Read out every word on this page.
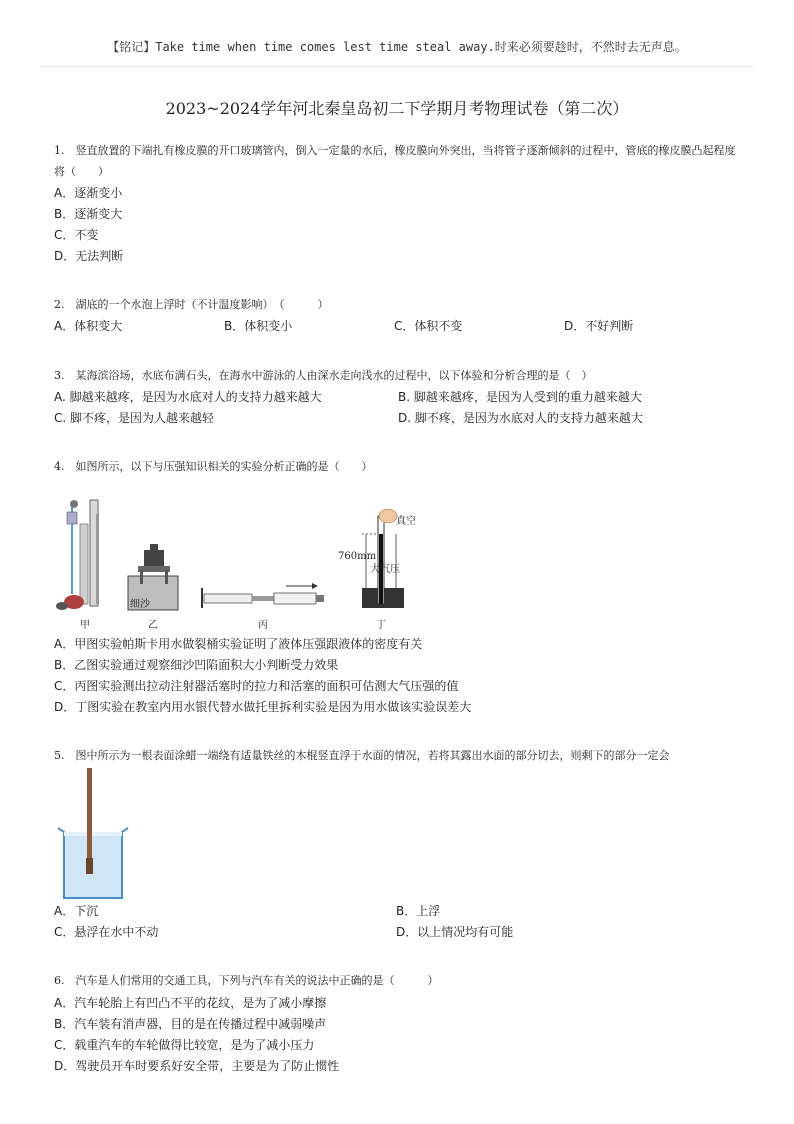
【铭记】Take time when time comes lest time steal away.时来必须要趁时，不然时去无声息。
2023~2024学年河北秦皇岛初二下学期月考物理试卷（第二次）
1.　竖直放置的下端扎有橡皮膜的开口玻璃管内，倒入一定量的水后，橡皮膜向外突出，当将管子逐渐倾斜的过程中，管底的橡皮膜凸起程度将（　　）
A．逐渐变小
B．逐渐变大
C．不变
D．无法判断
2.　湖底的一个水泡上浮时（不计温度影响）　（　　　）
A．体积变大	B．体积变小	C．体积不变	D．不好判断
3.　某海滨浴场，水底布满石头，在海水中游泳的人由深水走向浅水的过程中，以下体验和分析合理的是（　）
A. 脚越来越疼，是因为水底对人的支持力越来越大	B. 脚越来越疼，是因为人受到的重力越来越大
C. 脚不疼，是因为人越来越轻	D. 脚不疼，是因为水底对人的支持力越来越大
4.　如图所示，以下与压强知识相关的实验分析正确的是（　　）
细沙
760mm
真空
大气压
甲	乙	丙	丁
A．甲图实验帕斯卡用水做裂桶实验证明了液体压强跟液体的密度有关
B．乙图实验通过观察细沙凹陷面积大小判断受力效果
C．丙图实验测出拉动注射器活塞时的拉力和活塞的面积可估测大气压强的值
D．丁图实验在教室内用水银代替水做托里拆利实验是因为用水做该实验误差大
5.　图中所示为一根表面涂蜡一端绕有适量铁丝的木棍竖直浮于水面的情况，若将其露出水面的部分切去，则剩下的部分一定会
A．下沉	B．上浮
C．悬浮在水中不动	D．以上情况均有可能
6.　汽车是人们常用的交通工具，下列与汽车有关的说法中正确的是（　　　）
A．汽车轮胎上有凹凸不平的花纹，是为了减小摩擦
B．汽车装有消声器，目的是在传播过程中减弱噪声
C．载重汽车的车轮做得比较宽，是为了减小压力
D．驾驶员开车时要系好安全带，主要是为了防止惯性
